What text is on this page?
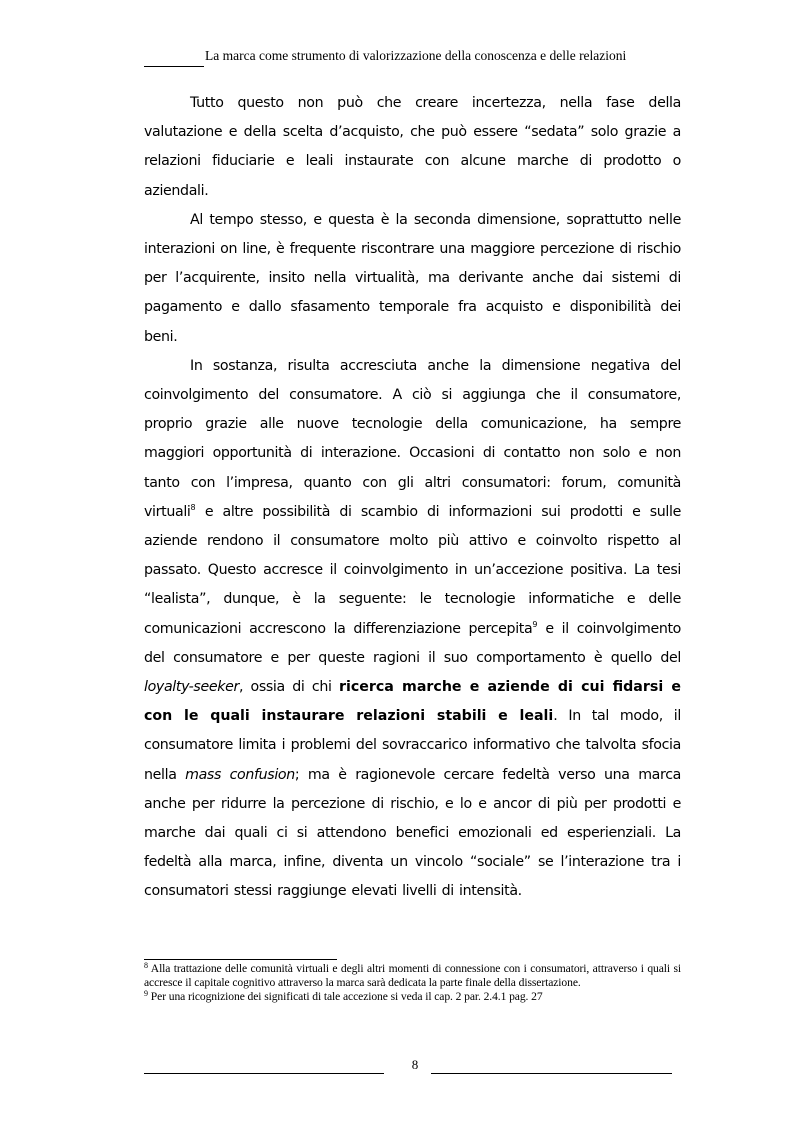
La marca come strumento di valorizzazione della conoscenza e delle relazioni

Tutto questo non può che creare incertezza, nella fase della valutazione e della scelta d’acquisto, che può essere “sedata” solo grazie a relazioni fiduciarie e leali instaurate con alcune marche di prodotto o aziendali.

Al tempo stesso, e questa è la seconda dimensione, soprattutto nelle interazioni on line, è frequente riscontrare una maggiore percezione di rischio per l’acquirente, insito nella virtualità, ma derivante anche dai sistemi di pagamento e dallo sfasamento temporale fra acquisto e disponibilità dei beni.

In sostanza, risulta accresciuta anche la dimensione negativa del coinvolgimento del consumatore. A ciò si aggiunga che il consumatore, proprio grazie alle nuove tecnologie della comunicazione, ha sempre maggiori opportunità di interazione. Occasioni di contatto non solo e non tanto con l’impresa, quanto con gli altri consumatori: forum, comunità virtuali$^8$ e altre possibilità di scambio di informazioni sui prodotti e sulle aziende rendono il consumatore molto più attivo e coinvolto rispetto al passato. Questo accresce il coinvolgimento in un’accezione positiva. La tesi “lealista”, dunque, è la seguente: le tecnologie informatiche e delle comunicazioni accrescono la differenziazione percepita$^9$ e il coinvolgimento del consumatore e per queste ragioni il suo comportamento è quello del loyalty-seeker, ossia di chi ricerca marche e aziende di cui fidarsi e con le quali instaurare relazioni stabili e leali. In tal modo, il consumatore limita i problemi del sovraccarico informativo che talvolta sfocia nella mass confusion; ma è ragionevole cercare fedeltà verso una marca anche per ridurre la percezione di rischio, e lo e ancor di più per prodotti e marche dai quali ci si attendono benefici emozionali ed esperienziali. La fedeltà alla marca, infine, diventa un vincolo “sociale” se l’interazione tra i consumatori stessi raggiunge elevati livelli di intensità.

$^8$ Alla trattazione delle comunità virtuali e degli altri momenti di connessione con i consumatori, attraverso i quali si accresce il capitale cognitivo attraverso la marca sarà dedicata la parte finale della dissertazione.

$^9$ Per una ricognizione dei significati di tale accezione si veda il cap. 2 par. 2.4.1 pag. 27

8
